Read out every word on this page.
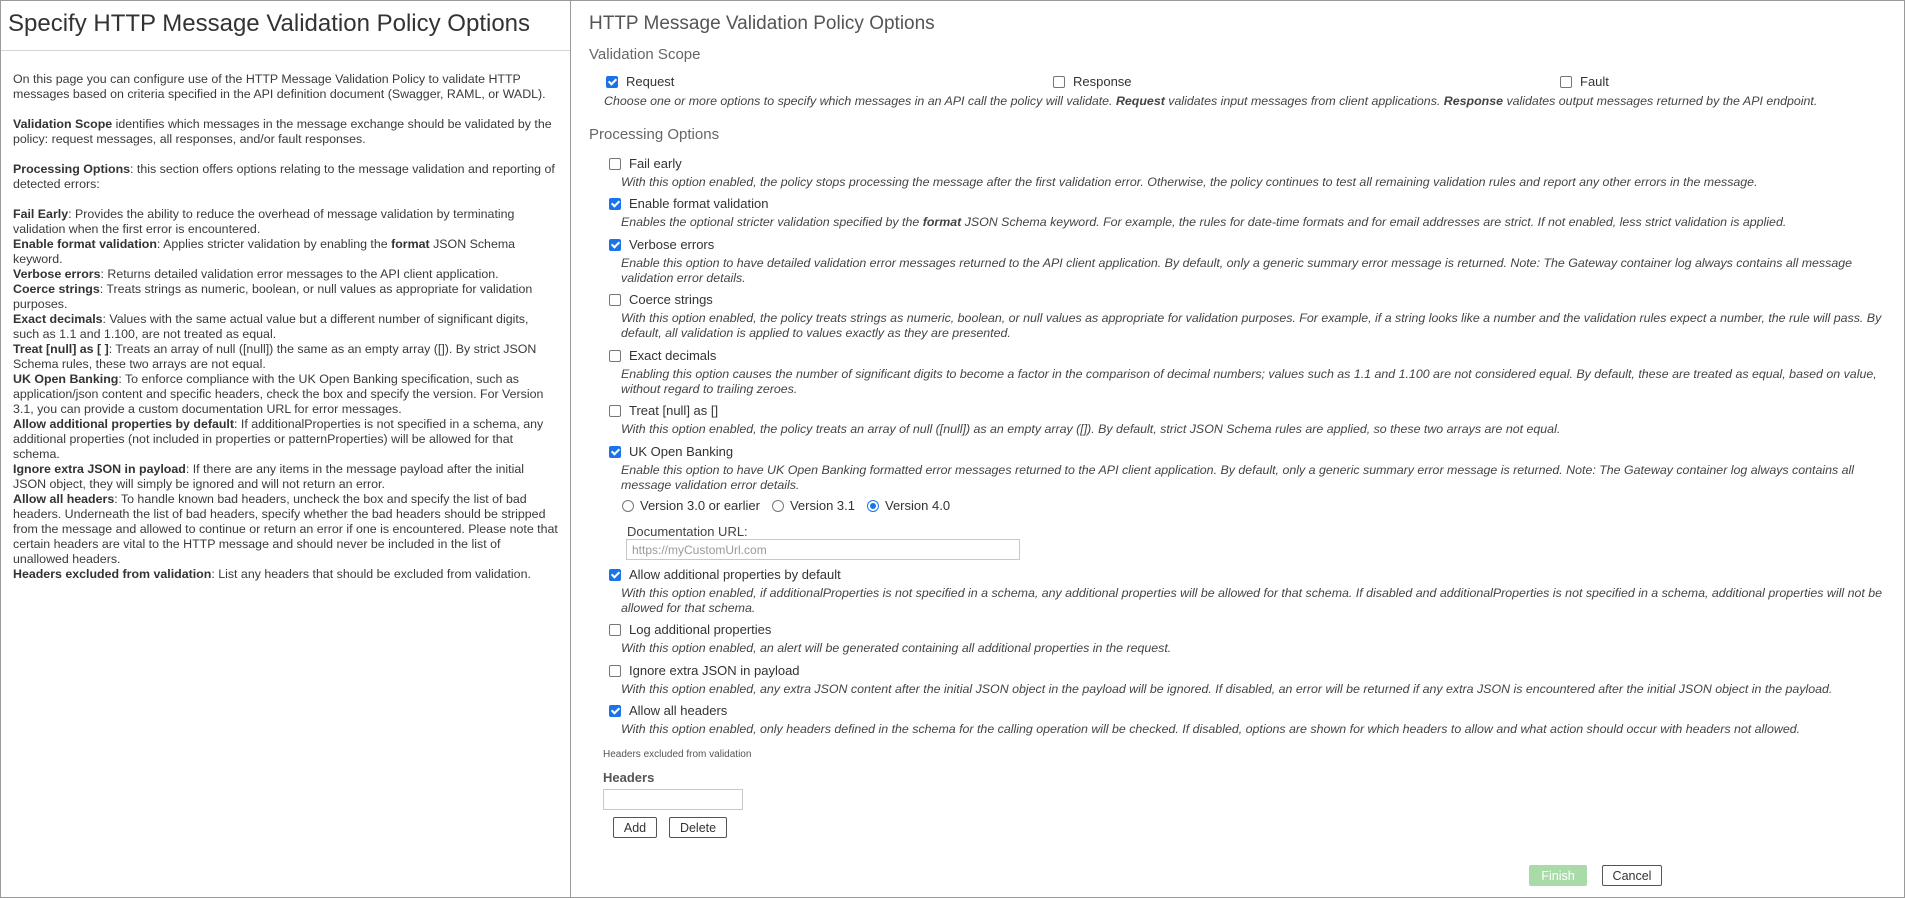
Specify HTTP Message Validation Policy Options

On this page you can configure use of the HTTP Message Validation Policy to validate HTTP messages based on criteria specified in the API definition document (Swagger, RAML, or WADL).

Validation Scope identifies which messages in the message exchange should be validated by the policy: request messages, all responses, and/or fault responses.

Processing Options: this section offers options relating to the message validation and reporting of detected errors:

Fail Early: Provides the ability to reduce the overhead of message validation by terminating validation when the first error is encountered.
Enable format validation: Applies stricter validation by enabling the format JSON Schema keyword.
Verbose errors: Returns detailed validation error messages to the API client application.
Coerce strings: Treats strings as numeric, boolean, or null values as appropriate for validation purposes.
Exact decimals: Values with the same actual value but a different number of significant digits, such as 1.1 and 1.100, are not treated as equal.
Treat [null] as [ ]: Treats an array of null ([null]) the same as an empty array ([]). By strict JSON Schema rules, these two arrays are not equal.
UK Open Banking: To enforce compliance with the UK Open Banking specification, such as application/json content and specific headers, check the box and specify the version. For Version 3.1, you can provide a custom documentation URL for error messages.
Allow additional properties by default: If additionalProperties is not specified in a schema, any additional properties (not included in properties or patternProperties) will be allowed for that schema.
Ignore extra JSON in payload: If there are any items in the message payload after the initial JSON object, they will simply be ignored and will not return an error.
Allow all headers: To handle known bad headers, uncheck the box and specify the list of bad headers. Underneath the list of bad headers, specify whether the bad headers should be stripped from the message and allowed to continue or return an error if one is encountered. Please note that certain headers are vital to the HTTP message and should never be included in the list of unallowed headers.
Headers excluded from validation: List any headers that should be excluded from validation.
HTTP Message Validation Policy Options
Validation Scope
Request	Response	Fault
Choose one or more options to specify which messages in an API call the policy will validate. Request validates input messages from client applications. Response validates output messages returned by the API endpoint.
Processing Options
Fail early
With this option enabled, the policy stops processing the message after the first validation error. Otherwise, the policy continues to test all remaining validation rules and report any other errors in the message.
Enable format validation
Enables the optional stricter validation specified by the format JSON Schema keyword. For example, the rules for date-time formats and for email addresses are strict. If not enabled, less strict validation is applied.
Verbose errors
Enable this option to have detailed validation error messages returned to the API client application. By default, only a generic summary error message is returned. Note: The Gateway container log always contains all message validation error details.
Coerce strings
With this option enabled, the policy treats strings as numeric, boolean, or null values as appropriate for validation purposes. For example, if a string looks like a number and the validation rules expect a number, the rule will pass. By default, all validation is applied to values exactly as they are presented.
Exact decimals
Enabling this option causes the number of significant digits to become a factor in the comparison of decimal numbers; values such as 1.1 and 1.100 are not considered equal. By default, these are treated as equal, based on value, without regard to trailing zeroes.
Treat [null] as []
With this option enabled, the policy treats an array of null ([null]) as an empty array ([]). By default, strict JSON Schema rules are applied, so these two arrays are not equal.
UK Open Banking
Enable this option to have UK Open Banking formatted error messages returned to the API client application. By default, only a generic summary error message is returned. Note: The Gateway container log always contains all message validation error details.
Version 3.0 or earlier Version 3.1 Version 4.0
Documentation URL:
https://myCustomUrl.com
Allow additional properties by default
With this option enabled, if additionalProperties is not specified in a schema, any additional properties will be allowed for that schema. If disabled and additionalProperties is not specified in a schema, additional properties will not be allowed for that schema.
Log additional properties
With this option enabled, an alert will be generated containing all additional properties in the request.
Ignore extra JSON in payload
With this option enabled, any extra JSON content after the initial JSON object in the payload will be ignored. If disabled, an error will be returned if any extra JSON is encountered after the initial JSON object in the payload.
Allow all headers
With this option enabled, only headers defined in the schema for the calling operation will be checked. If disabled, options are shown for which headers to allow and what action should occur with headers not allowed.
Headers excluded from validation
Headers
Add	Delete
Finish	Cancel
